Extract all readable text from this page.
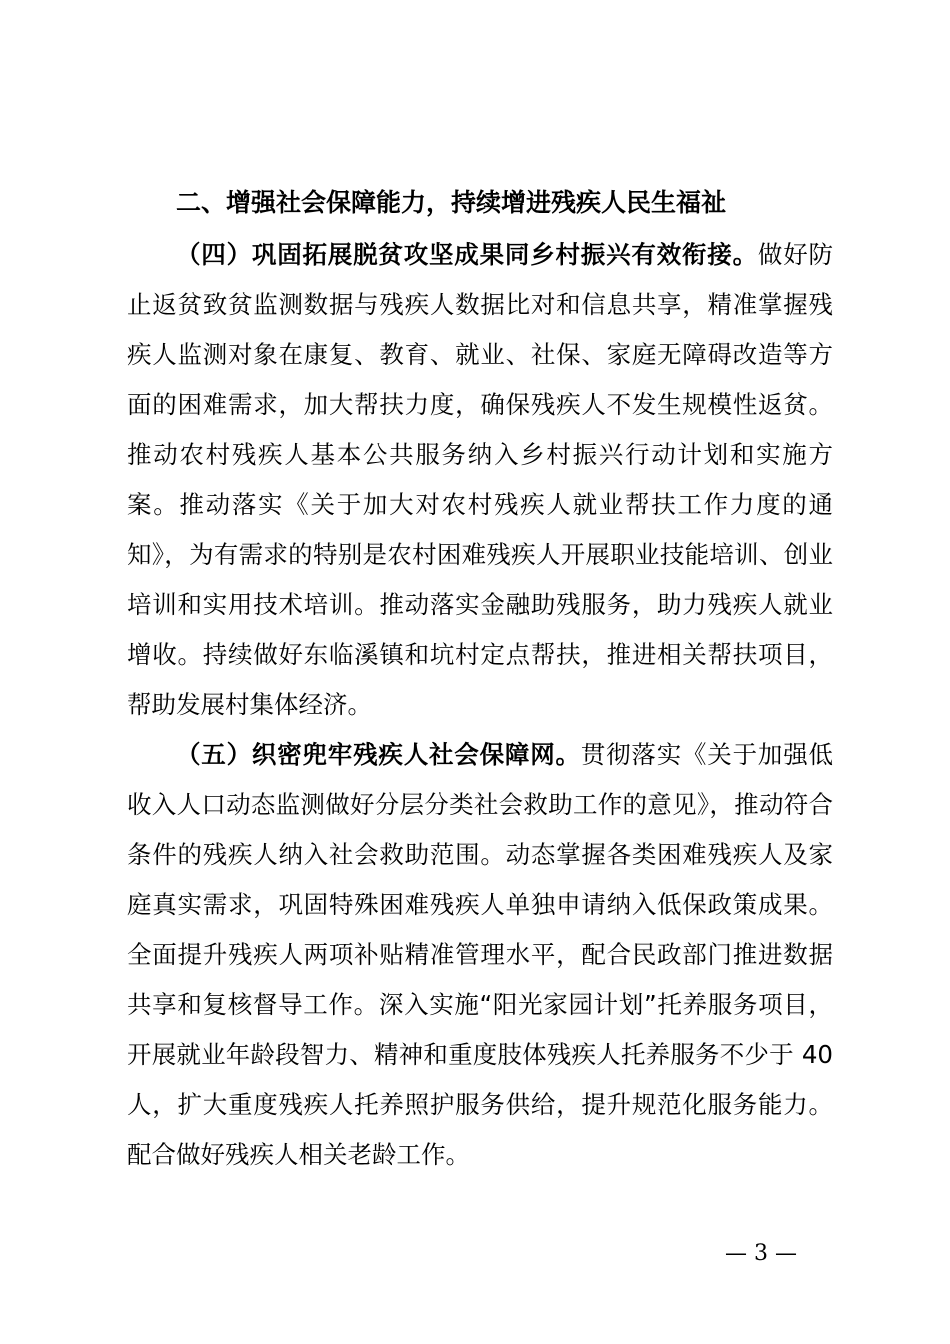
二、增强社会保障能力，持续增进残疾人民生福祉

（四）巩固拓展脱贫攻坚成果同乡村振兴有效衔接。做好防止返贫致贫监测数据与残疾人数据比对和信息共享，精准掌握残疾人监测对象在康复、教育、就业、社保、家庭无障碍改造等方面的困难需求，加大帮扶力度，确保残疾人不发生规模性返贫。推动农村残疾人基本公共服务纳入乡村振兴行动计划和实施方案。推动落实《关于加大对农村残疾人就业帮扶工作力度的通知》，为有需求的特别是农村困难残疾人开展职业技能培训、创业培训和实用技术培训。推动落实金融助残服务，助力残疾人就业增收。持续做好东临溪镇和坑村定点帮扶，推进相关帮扶项目，帮助发展村集体经济。

（五）织密兜牢残疾人社会保障网。贯彻落实《关于加强低收入人口动态监测做好分层分类社会救助工作的意见》，推动符合条件的残疾人纳入社会救助范围。动态掌握各类困难残疾人及家庭真实需求，巩固特殊困难残疾人单独申请纳入低保政策成果。全面提升残疾人两项补贴精准管理水平，配合民政部门推进数据共享和复核督导工作。深入实施“阳光家园计划”托养服务项目，开展就业年龄段智力、精神和重度肢体残疾人托养服务不少于 40 人，扩大重度残疾人托养照护服务供给，提升规范化服务能力。配合做好残疾人相关老龄工作。

— 3 —
